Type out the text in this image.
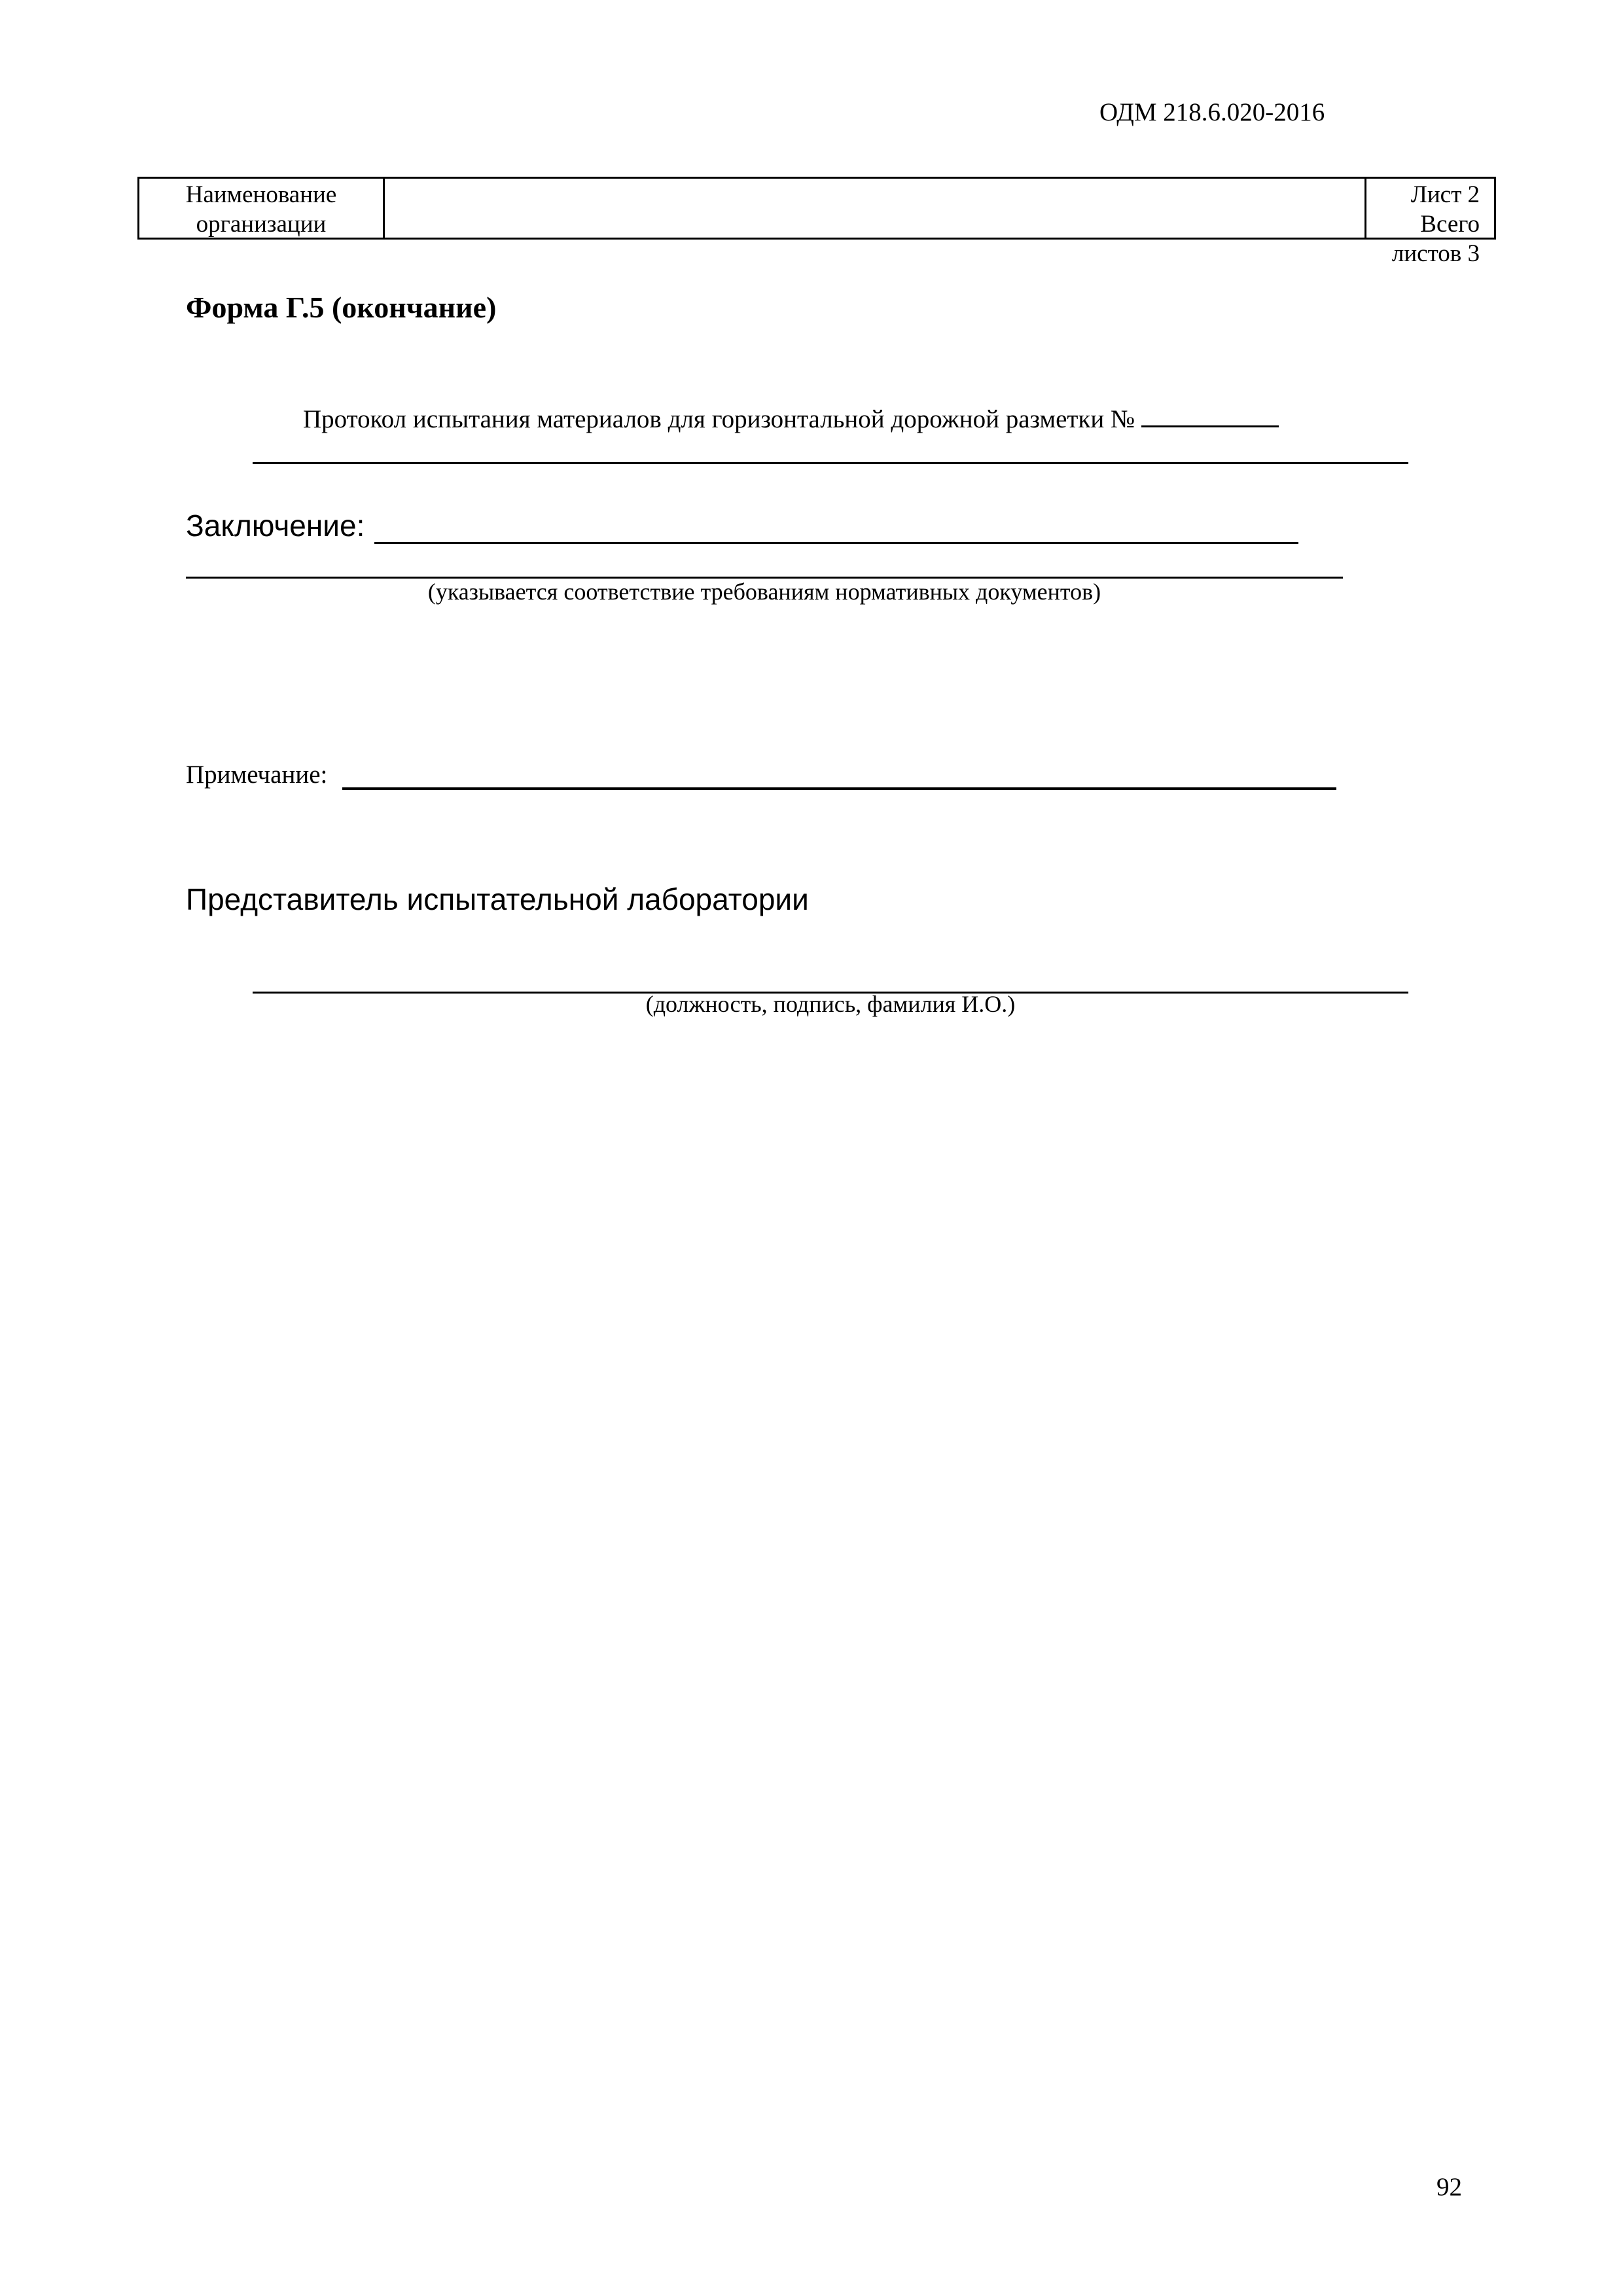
ОДМ 218.6.020-2016
Наименование
организации
Лист 2
Всего листов 3
Форма Г.5 (окончание)
Протокол испытания материалов для горизонтальной дорожной разметки №
Заключение:
(указывается соответствие требованиям нормативных документов)
Примечание:
Представитель испытательной лаборатории
(должность, подпись, фамилия И.О.)
92
